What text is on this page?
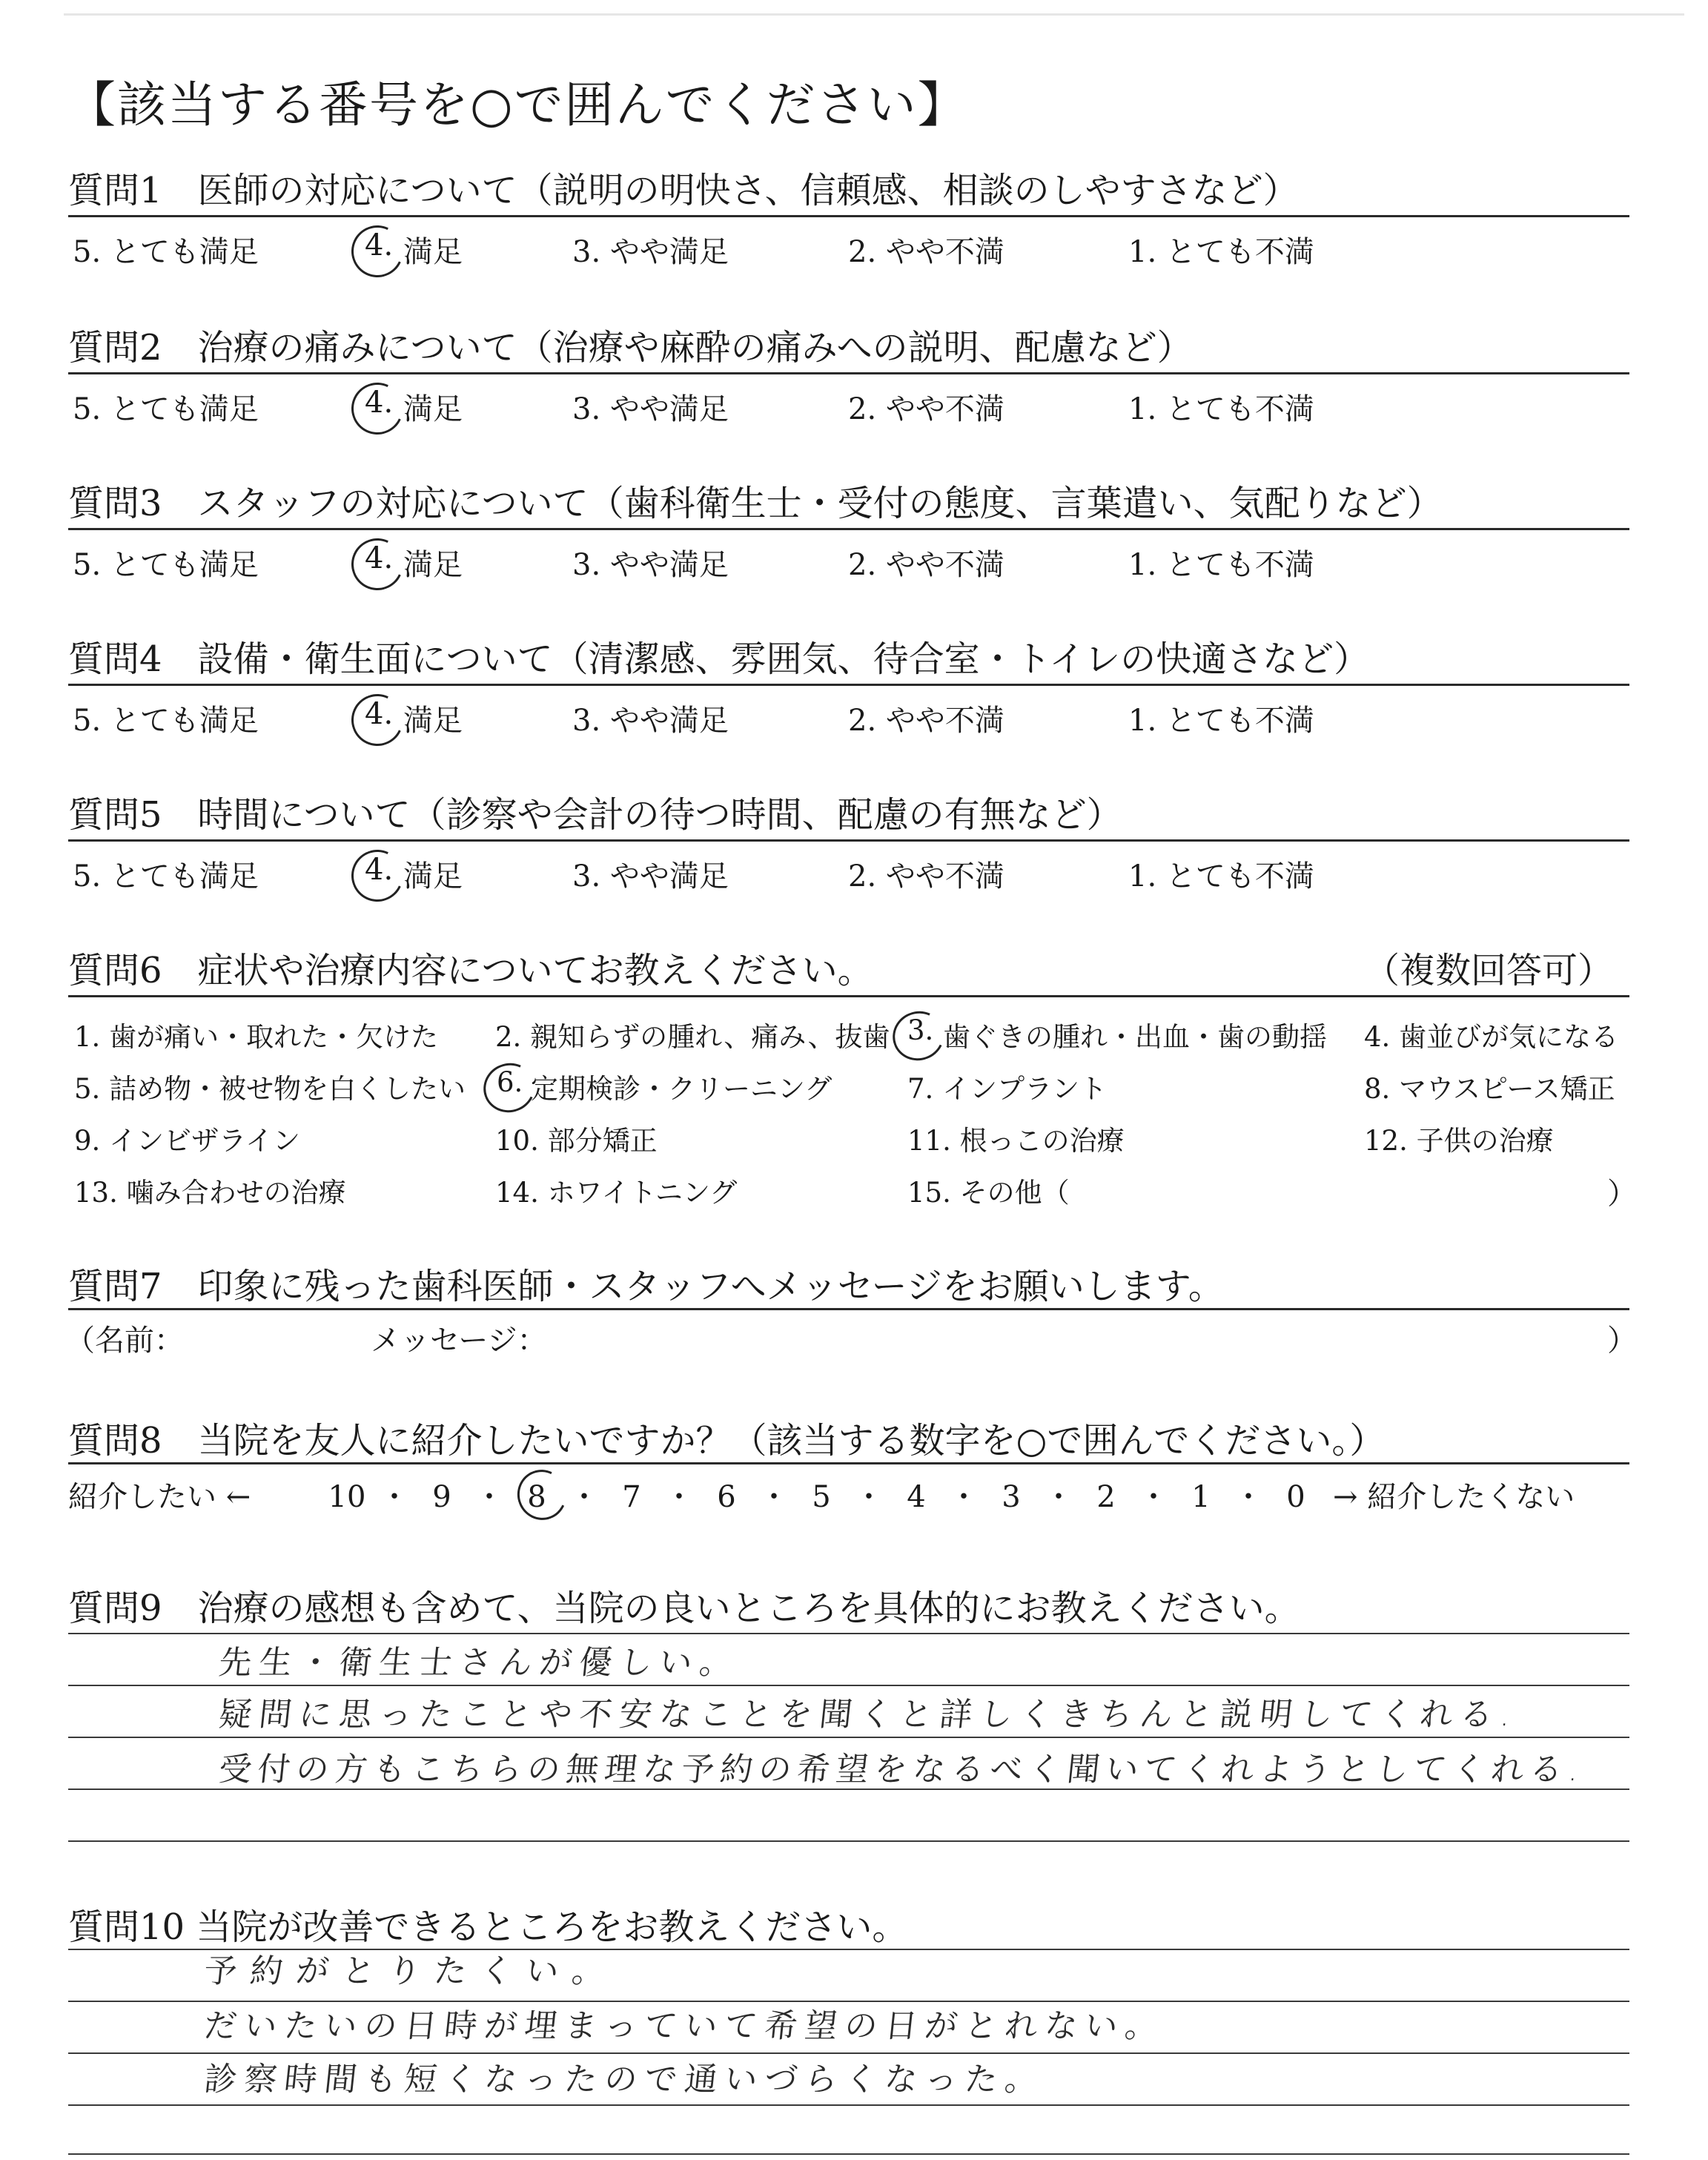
【該当する番号を○で囲んでください】
質問1　医師の対応について（説明の明快さ、信頼感、相談のしやすさなど）
5. とても満足	4. 満足	3. やや満足	2. やや不満	1. とても不満
質問2　治療の痛みについて（治療や麻酔の痛みへの説明、配慮など）
5. とても満足	4. 満足	3. やや満足	2. やや不満	1. とても不満
質問3　スタッフの対応について（歯科衛生士・受付の態度、言葉遣い、気配りなど）
5. とても満足	4. 満足	3. やや満足	2. やや不満	1. とても不満
質問4　設備・衛生面について（清潔感、雰囲気、待合室・トイレの快適さなど）
5. とても満足	4. 満足	3. やや満足	2. やや不満	1. とても不満
質問5　時間について（診察や会計の待つ時間、配慮の有無など）
5. とても満足	4. 満足	3. やや満足	2. やや不満	1. とても不満
質問6　症状や治療内容についてお教えください。	（複数回答可）
1. 歯が痛い・取れた・欠けた 2. 親知らずの腫れ、痛み、抜歯 3. 歯ぐきの腫れ・出血・歯の動揺 4. 歯並びが気になる
5. 詰め物・被せ物を白くしたい 6. 定期検診・クリーニング	7. インプラント	8. マウスピース矯正
9. インビザライン	10. 部分矯正	11. 根っこの治療	12. 子供の治療
13. 噛み合わせの治療	14. ホワイトニング	15. その他（	）
質問7　印象に残った歯科医師・スタッフへメッセージをお願いします。
（名前：	メッセージ：	）
質問8　当院を友人に紹介したいですか？（該当する数字を○で囲んでください。）
紹介したい ←	10 ・ 9 ・ 8 ・ 7 ・ 6 ・ 5 ・ 4 ・ 3 ・ 2 ・ 1 ・ 0 → 紹介したくない
質問9　治療の感想も含めて、当院の良いところを具体的にお教えください。
先生・衛生士さんが優しい。
疑問に思ったことや不安なことを聞くと詳しくきちんと説明してくれる.
受付の方もこちらの無理な予約の希望をなるべく聞いてくれようとしてくれる.
質問10 当院が改善できるところをお教えください。
予約がとりたくい。
だいたいの日時が埋まっていて希望の日がとれない。
診察時間も短くなったので通いづらくなった。
